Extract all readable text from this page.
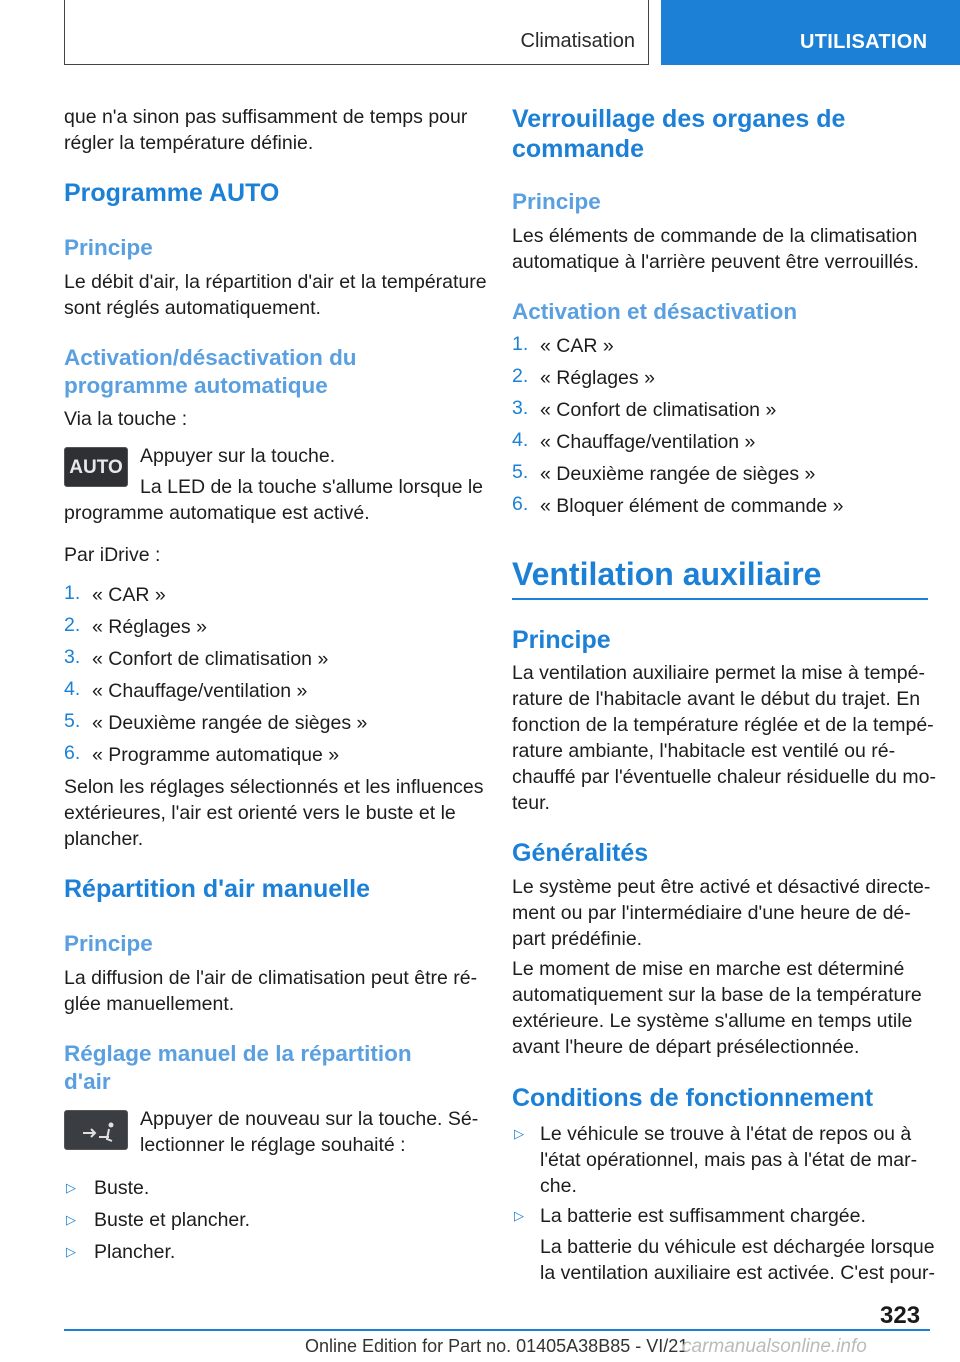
Climatisation	UTILISATION
que n'a sinon pas suffisamment de temps pour
régler la température définie.
Programme AUTO
Principe
Le débit d'air, la répartition d'air et la température
sont réglés automatiquement.
Activation/désactivation du
programme automatique
Via la touche :
AUTO
Appuyer sur la touche.
La LED de la touche s'allume lorsque le
programme automatique est activé.
Par iDrive :
1. « CAR »
2. « Réglages »
3. « Confort de climatisation »
4. « Chauffage/ventilation »
5. « Deuxième rangée de sièges »
6. « Programme automatique »
Selon les réglages sélectionnés et les influences
extérieures, l'air est orienté vers le buste et le
plancher.
Répartition d'air manuelle
Principe
La diffusion de l'air de climatisation peut être ré-
glée manuellement.
Réglage manuel de la répartition
d'air
Appuyer de nouveau sur la touche. Sé-
lectionner le réglage souhaité :
▷ Buste.
▷ Buste et plancher.
▷ Plancher.
Verrouillage des organes de
commande
Principe
Les éléments de commande de la climatisation
automatique à l'arrière peuvent être verrouillés.
Activation et désactivation
1. « CAR »
2. « Réglages »
3. « Confort de climatisation »
4. « Chauffage/ventilation »
5. « Deuxième rangée de sièges »
6. « Bloquer élément de commande »
Ventilation auxiliaire
Principe
La ventilation auxiliaire permet la mise à tempé-
rature de l'habitacle avant le début du trajet. En
fonction de la température réglée et de la tempé-
rature ambiante, l'habitacle est ventilé ou ré-
chauffé par l'éventuelle chaleur résiduelle du mo-
teur.
Généralités
Le système peut être activé et désactivé directe-
ment ou par l'intermédiaire d'une heure de dé-
part prédéfinie.
Le moment de mise en marche est déterminé
automatiquement sur la base de la température
extérieure. Le système s'allume en temps utile
avant l'heure de départ présélectionnée.
Conditions de fonctionnement
▷ Le véhicule se trouve à l'état de repos ou à
l'état opérationnel, mais pas à l'état de mar-
che.
▷ La batterie est suffisamment chargée.
La batterie du véhicule est déchargée lorsque
la ventilation auxiliaire est activée. C'est pour-
323
Online Edition for Part no. 01405A38B85 - VI/21
carmanualsonline.info
